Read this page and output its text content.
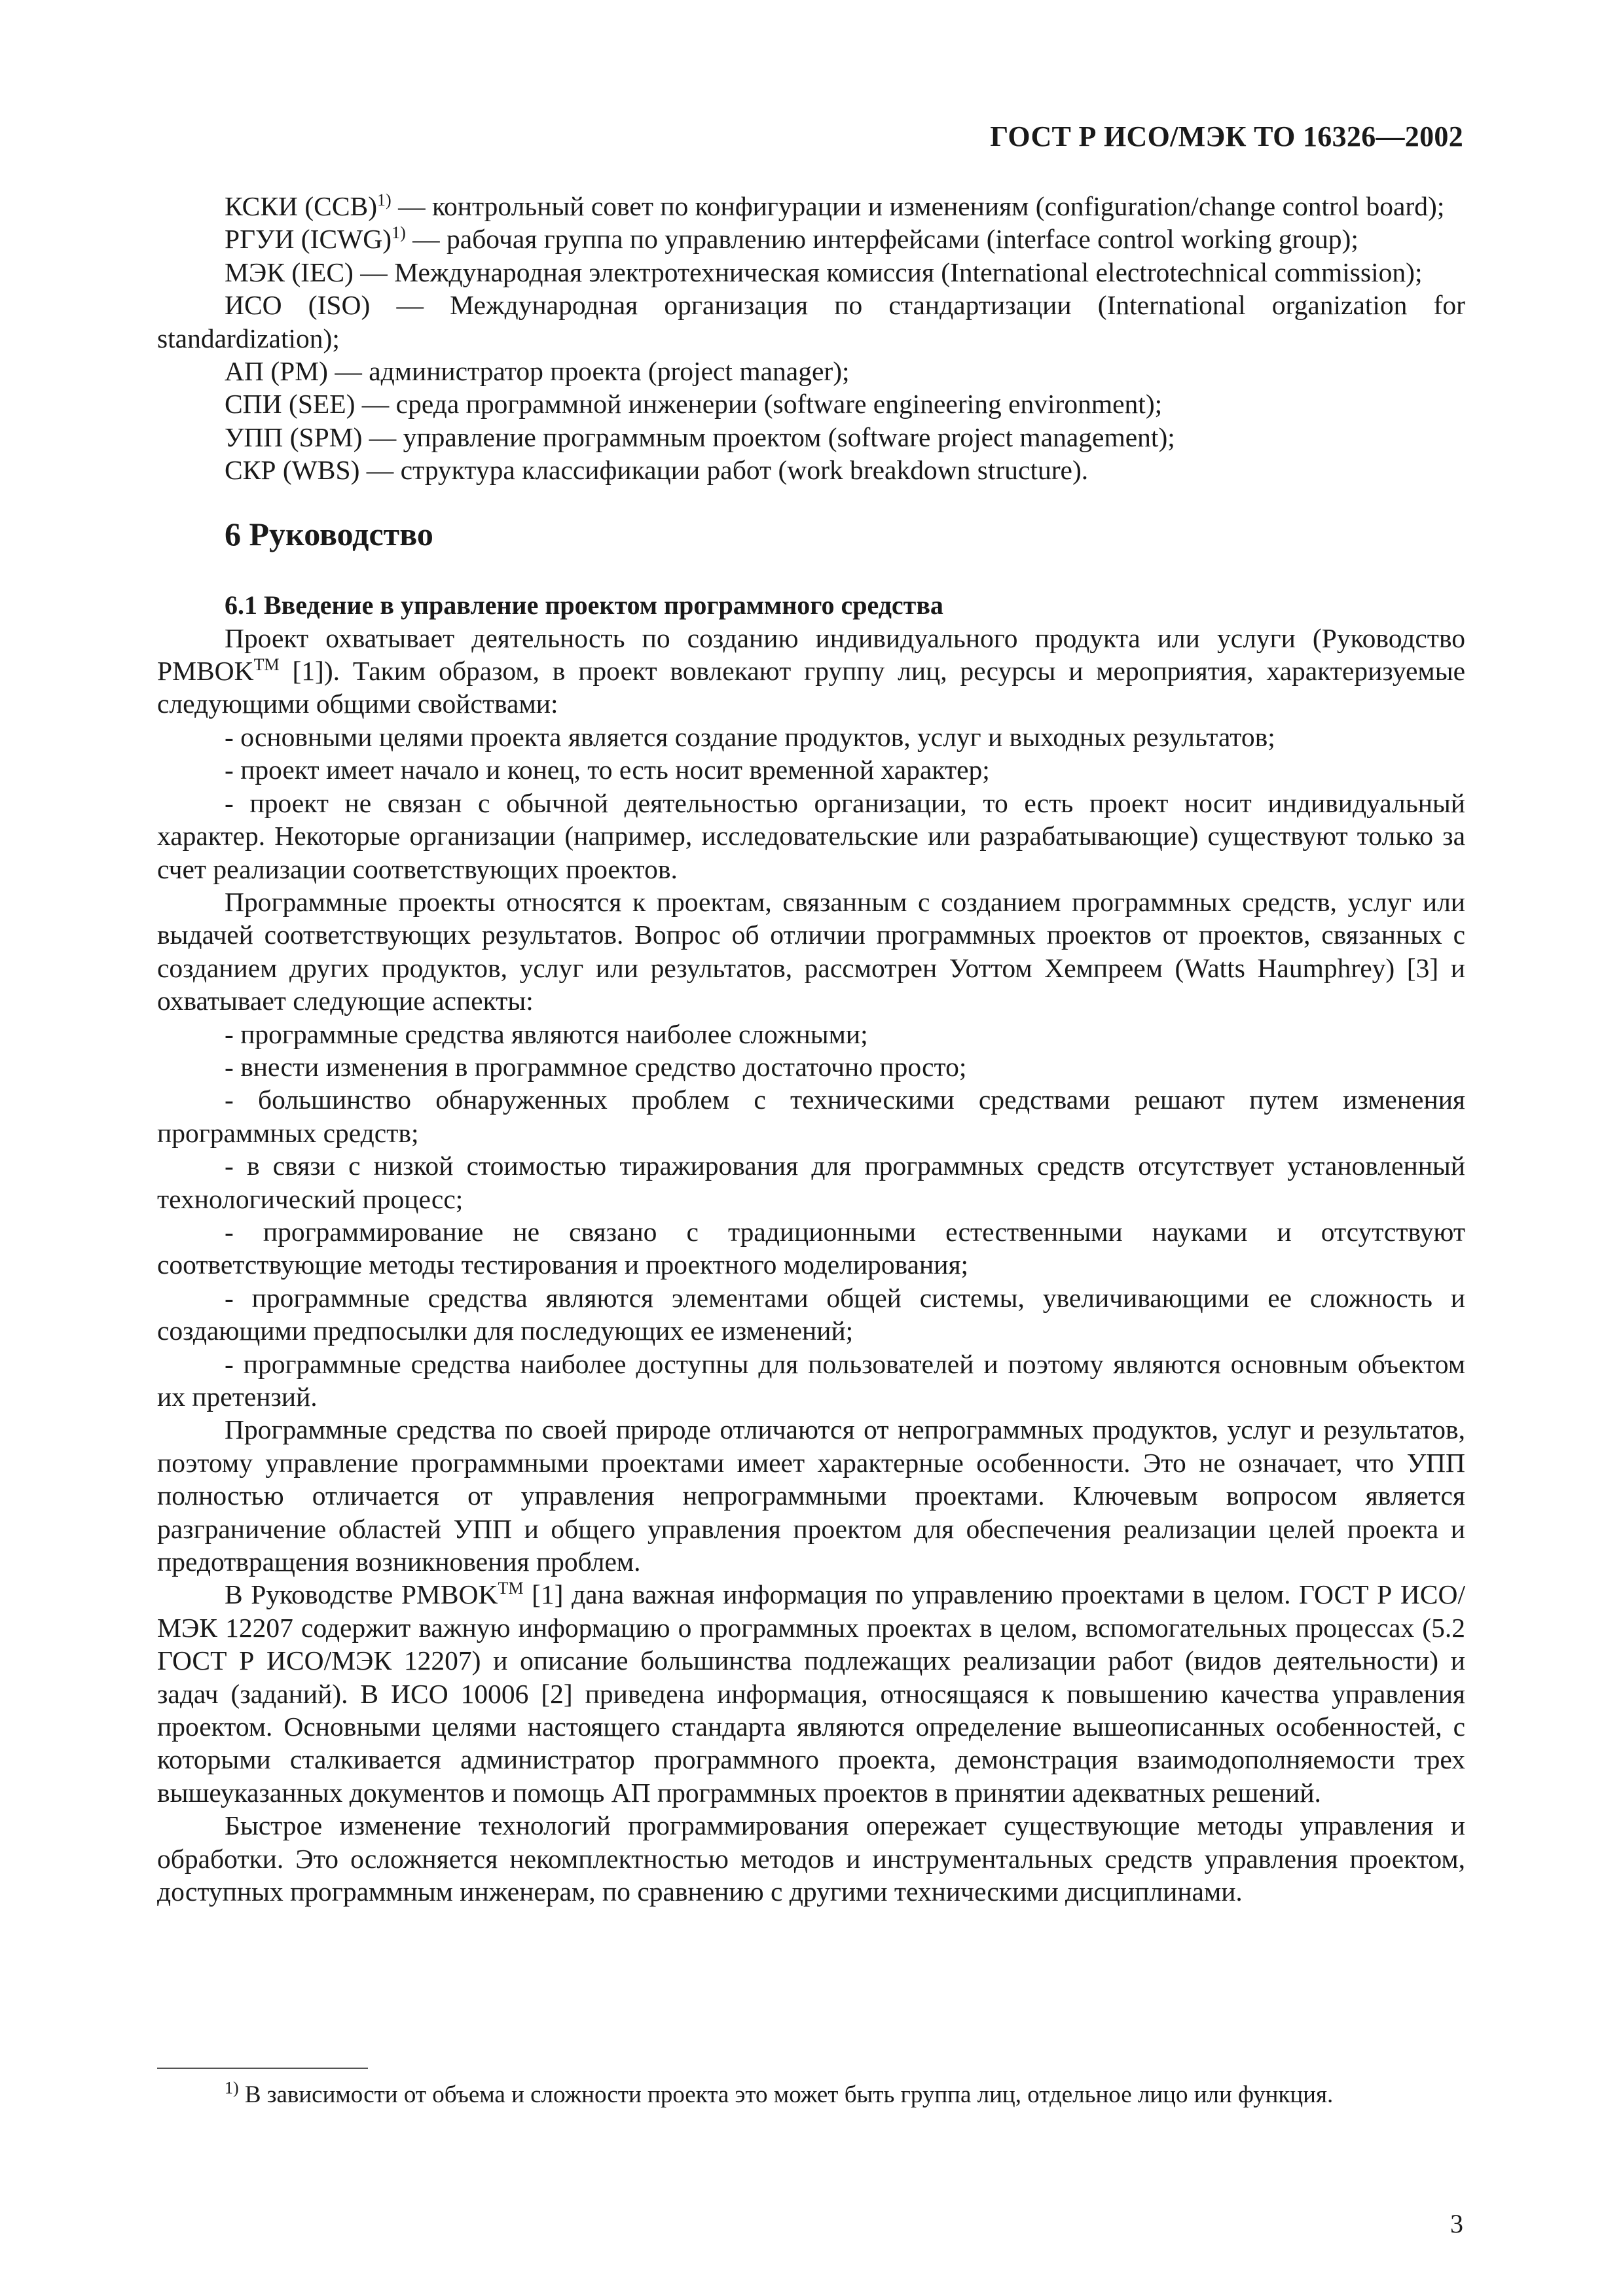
ГОСТ Р ИСО/МЭК ТО 16326—2002

КСКИ (CCB)$^{1)}$ — контрольный совет по конфигурации и изменениям (configuration/change control board);

РГУИ (ICWG)$^{1)}$ — рабочая группа по управлению интерфейсами (interface control working group);

МЭК (IEC) — Международная электротехническая комиссия (International electrotechnical commission);

ИСО (ISO) — Международная организация по стандартизации (International organization for standardization);

АП (PM) — администратор проекта (project manager);

СПИ (SEE) — среда программной инженерии (software engineering environment);

УПП (SPM) — управление программным проектом (software project management);

СКР (WBS) — структура классификации работ (work breakdown structure).

6 Руководство
6.1 Введение в управление проектом программного средства

Проект охватывает деятельность по созданию индивидуального продукта или услуги (Руководство PMBOK™ [1]). Таким образом, в проект вовлекают группу лиц, ресурсы и мероприятия, характеризуемые следующими общими свойствами:

- основными целями проекта является создание продуктов, услуг и выходных результатов;

- проект имеет начало и конец, то есть носит временной характер;

- проект не связан с обычной деятельностью организации, то есть проект носит индивидуальный характер. Некоторые организации (например, исследовательские или разрабатывающие) существуют только за счет реализации соответствующих проектов.

Программные проекты относятся к проектам, связанным с созданием программных средств, услуг или выдачей соответствующих результатов. Вопрос об отличии программных проектов от проектов, связанных с созданием других продуктов, услуг или результатов, рассмотрен Уоттом Хемпреем (Watts Haumphrey) [3] и охватывает следующие аспекты:

- программные средства являются наиболее сложными;

- внести изменения в программное средство достаточно просто;

- большинство обнаруженных проблем с техническими средствами решают путем изменения программных средств;

- в связи с низкой стоимостью тиражирования для программных средств отсутствует установленный технологический процесс;

- программирование не связано с традиционными естественными науками и отсутствуют соответствующие методы тестирования и проектного моделирования;

- программные средства являются элементами общей системы, увеличивающими ее сложность и создающими предпосылки для последующих ее изменений;

- программные средства наиболее доступны для пользователей и поэтому являются основным объектом их претензий.

Программные средства по своей природе отличаются от непрограммных продуктов, услуг и результатов, поэтому управление программными проектами имеет характерные особенности. Это не означает, что УПП полностью отличается от управления непрограммными проектами. Ключевым вопросом является разграничение областей УПП и общего управления проектом для обеспечения реализации целей проекта и предотвращения возникновения проблем.

В Руководстве PMBOK™ [1] дана важная информация по управлению проектами в целом. ГОСТ Р ИСО/МЭК 12207 содержит важную информацию о программных проектах в целом, вспомогательных процессах (5.2 ГОСТ Р ИСО/МЭК 12207) и описание большинства подлежащих реализации работ (видов деятельности) и задач (заданий). В ИСО 10006 [2] приведена информация, относящаяся к повышению качества управления проектом. Основными целями настоящего стандарта являются определение вышеописанных особенностей, с которыми сталкивается администратор программного проекта, демонстрация взаимодополняемости трех вышеуказанных документов и помощь АП программных проектов в принятии адекватных решений.

Быстрое изменение технологий программирования опережает существующие методы управления и обработки. Это осложняется некомплектностью методов и инструментальных средств управления проектом, доступных программным инженерам, по сравнению с другими техническими дисциплинами.

$^{1)}$ В зависимости от объема и сложности проекта это может быть группа лиц, отдельное лицо или функция.

3
